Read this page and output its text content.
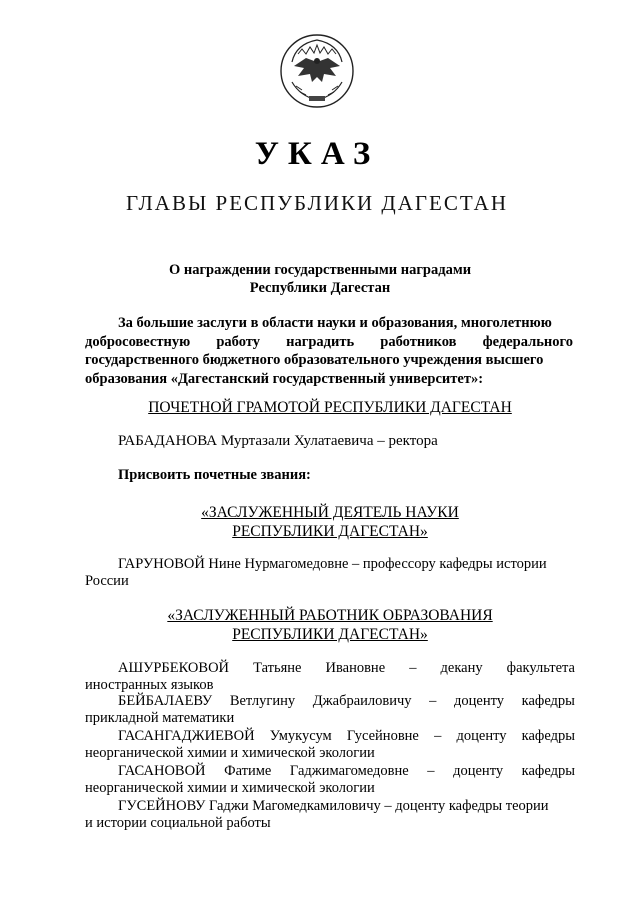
УКАЗ
ГЛАВЫ РЕСПУБЛИКИ ДАГЕСТАН
О награждении государственными наградами
Республики Дагестан
За большие заслуги в области науки и образования, многолетнюю
добросовестную работу наградить работников федерального
государственного бюджетного образовательного учреждения высшего
образования «Дагестанский государственный университет»:
ПОЧЕТНОЙ ГРАМОТОЙ РЕСПУБЛИКИ ДАГЕСТАН
РАБАДАНОВА Муртазали Хулатаевича – ректора
Присвоить почетные звания:
«ЗАСЛУЖЕННЫЙ ДЕЯТЕЛЬ НАУКИ
РЕСПУБЛИКИ ДАГЕСТАН»
ГАРУНОВОЙ Нине Нурмагомедовне – профессору кафедры истории
России
«ЗАСЛУЖЕННЫЙ РАБОТНИК ОБРАЗОВАНИЯ
РЕСПУБЛИКИ ДАГЕСТАН»
АШУРБЕКОВОЙ Татьяне Ивановне – декану факультета
иностранных языков
БЕЙБАЛАЕВУ Ветлугину Джабраиловичу – доценту кафедры
прикладной математики
ГАСАНГАДЖИЕВОЙ Умукусум Гусейновне – доценту кафедры
неорганической химии и химической экологии
ГАСАНОВОЙ Фатиме Гаджимагомедовне – доценту кафедры
неорганической химии и химической экологии
ГУСЕЙНОВУ Гаджи Магомедкамиловичу – доценту кафедры теории
и истории социальной работы
